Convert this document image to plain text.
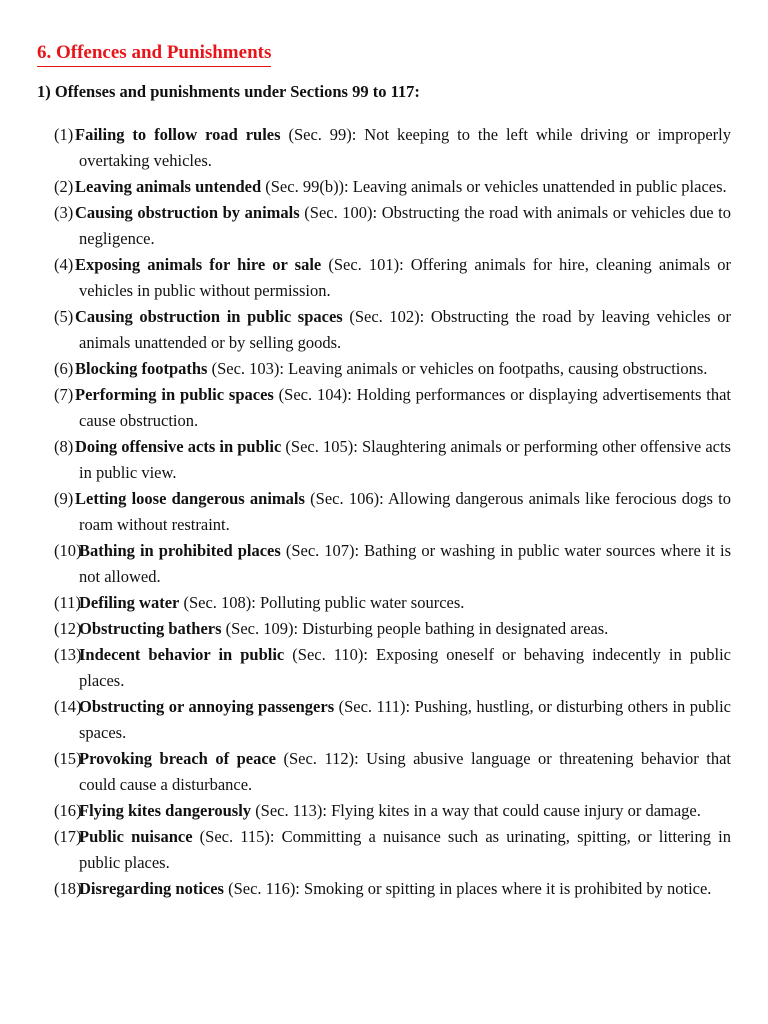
6. Offences and Punishments
1) Offenses and punishments under Sections 99 to 117:
(1) Failing to follow road rules (Sec. 99): Not keeping to the left while driving or improperly overtaking vehicles.
(2) Leaving animals untended (Sec. 99(b)): Leaving animals or vehicles unattended in public places.
(3) Causing obstruction by animals (Sec. 100): Obstructing the road with animals or vehicles due to negligence.
(4) Exposing animals for hire or sale (Sec. 101): Offering animals for hire, cleaning animals or vehicles in public without permission.
(5) Causing obstruction in public spaces (Sec. 102): Obstructing the road by leaving vehicles or animals unattended or by selling goods.
(6) Blocking footpaths (Sec. 103): Leaving animals or vehicles on footpaths, causing obstructions.
(7) Performing in public spaces (Sec. 104): Holding performances or displaying advertisements that cause obstruction.
(8) Doing offensive acts in public (Sec. 105): Slaughtering animals or performing other offensive acts in public view.
(9) Letting loose dangerous animals (Sec. 106): Allowing dangerous animals like ferocious dogs to roam without restraint.
(10)
Bathing in prohibited places (Sec. 107): Bathing or washing in public water sources where it is not allowed.
(11)
Defiling water (Sec. 108): Polluting public water sources.
(12)
Obstructing bathers (Sec. 109): Disturbing people bathing in designated areas.
(13)
Indecent behavior in public (Sec. 110): Exposing oneself or behaving indecently in public places.
(14)
Obstructing or annoying passengers (Sec. 111): Pushing, hustling, or disturbing others in public spaces.
(15)
Provoking breach of peace (Sec. 112): Using abusive language or threatening behavior that could cause a disturbance.
(16)
Flying kites dangerously (Sec. 113): Flying kites in a way that could cause injury or damage.
(17)
Public nuisance (Sec. 115): Committing a nuisance such as urinating, spitting, or littering in public places.
(18)
Disregarding notices (Sec. 116): Smoking or spitting in places where it is prohibited by notice.
